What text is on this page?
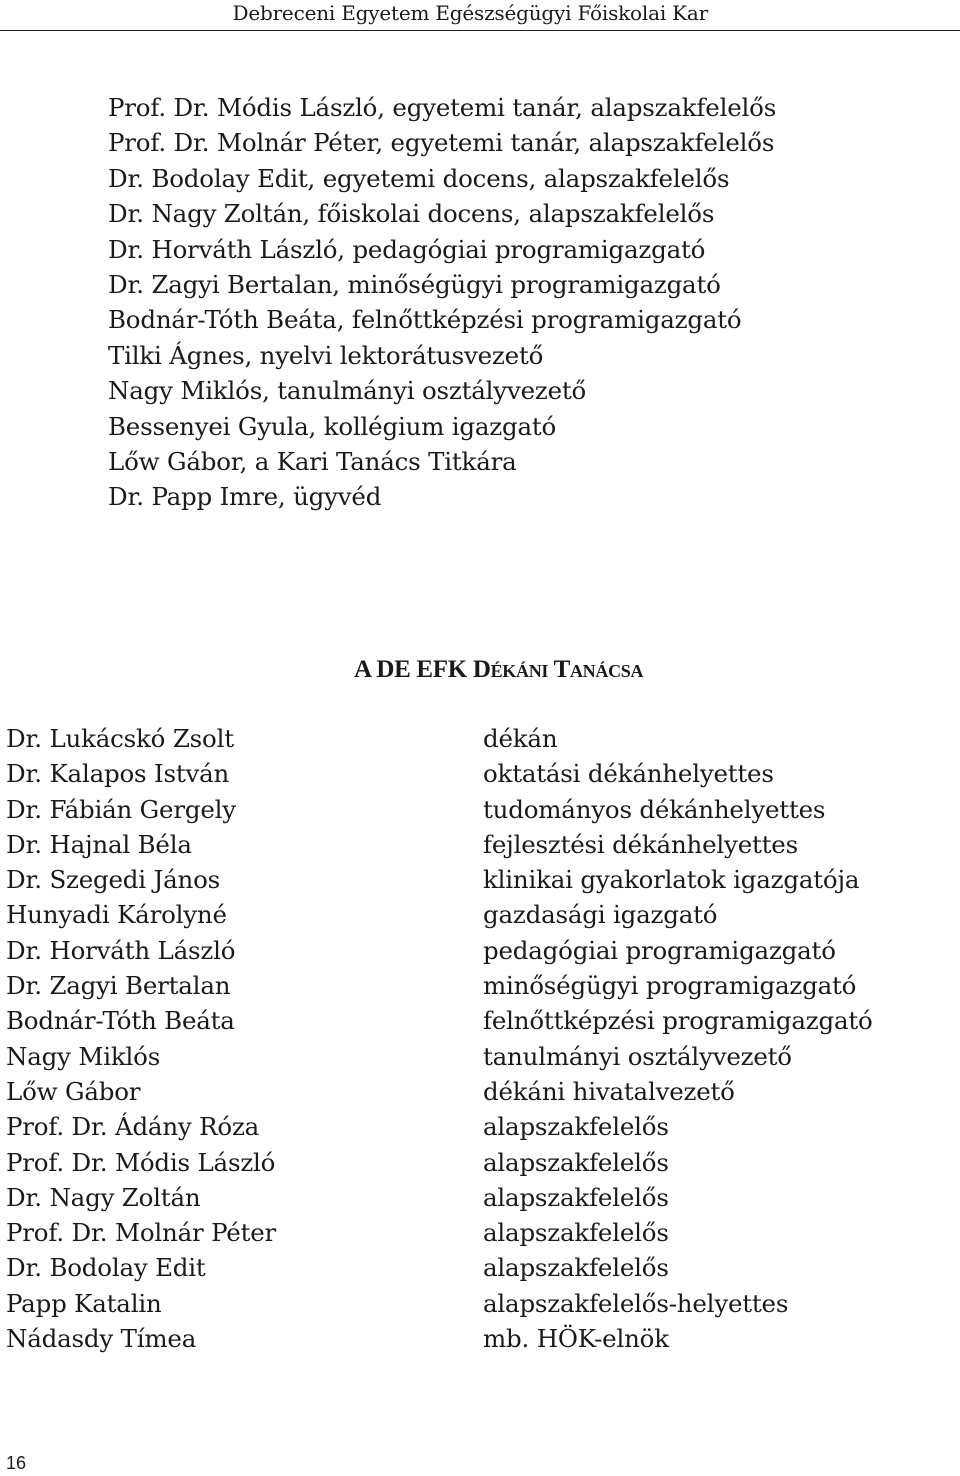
Debreceni Egyetem Egészségügyi Főiskolai Kar
Prof. Dr. Módis László, egyetemi tanár, alapszakfelelős
Prof. Dr. Molnár Péter, egyetemi tanár, alapszakfelelős
Dr. Bodolay Edit, egyetemi docens, alapszakfelelős
Dr. Nagy Zoltán, főiskolai docens, alapszakfelelős
Dr. Horváth László, pedagógiai programigazgató
Dr. Zagyi Bertalan, minőségügyi programigazgató
Bodnár-Tóth Beáta, felnőttképzési programigazgató
Tilki Ágnes, nyelvi lektorátusvezető
Nagy Miklós, tanulmányi osztályvezető
Bessenyei Gyula, kollégium igazgató
Lőw Gábor, a Kari Tanács Titkára
Dr. Papp Imre, ügyvéd
A DE EFK Dékáni Tanácsa
Dr. Lukácskó Zsolt	dékán
Dr. Kalapos István	oktatási dékánhelyettes
Dr. Fábián Gergely	tudományos dékánhelyettes
Dr. Hajnal Béla	fejlesztési dékánhelyettes
Dr. Szegedi János	klinikai gyakorlatok igazgatója
Hunyadi Károlyné	gazdasági igazgató
Dr. Horváth László	pedagógiai programigazgató
Dr. Zagyi Bertalan	minőségügyi programigazgató
Bodnár-Tóth Beáta	felnőttképzési programigazgató
Nagy Miklós	tanulmányi osztályvezető
Lőw Gábor	dékáni hivatalvezető
Prof. Dr. Ádány Róza	alapszakfelelős
Prof. Dr. Módis László	alapszakfelelős
Dr. Nagy Zoltán	alapszakfelelős
Prof. Dr. Molnár Péter	alapszakfelelős
Dr. Bodolay Edit	alapszakfelelős
Papp Katalin	alapszakfelelős-helyettes
Nádasdy Tímea	mb. HÖK-elnök
16
